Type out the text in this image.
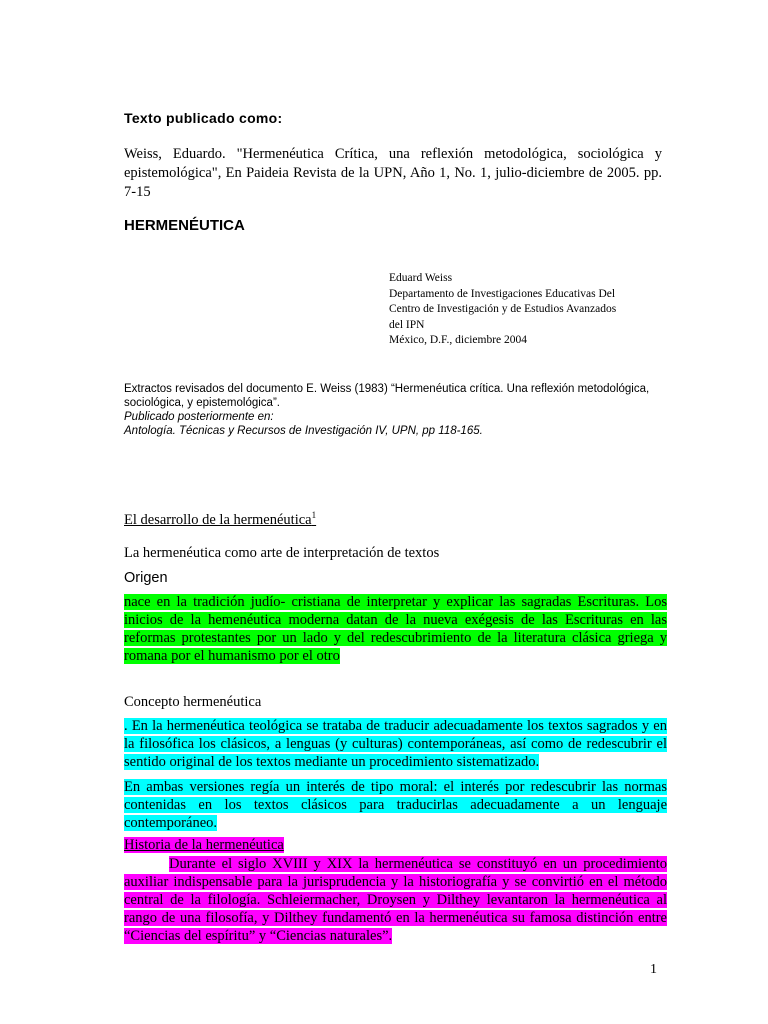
Texto publicado como:
Weiss, Eduardo. "Hermenéutica Crítica, una reflexión metodológica, sociológica y epistemológica", En Paideia Revista de la UPN, Año 1, No. 1, julio-diciembre de 2005. pp. 7-15
HERMENÉUTICA
Eduard Weiss
Departamento de Investigaciones Educativas Del
Centro de Investigación y de Estudios Avanzados
del IPN
México, D.F., diciembre 2004
Extractos revisados del documento E. Weiss (1983) “Hermenéutica crítica. Una reflexión metodológica, sociológica, y epistemológica”.
Publicado posteriormente en:
Antología. Técnicas y Recursos de Investigación IV, UPN, pp 118-165.
El desarrollo de la hermenéutica$^1$
La hermenéutica como arte de interpretación de textos
Origen
nace en la tradición judío- cristiana de interpretar y explicar las sagradas Escrituras. Los inicios de la hemenéutica moderna datan de la nueva exégesis de las Escrituras en las reformas protestantes por un lado y del redescubrimiento de la literatura clásica griega y romana por el humanismo por el otro
Concepto hermenéutica
. En la hermenéutica teológica se trataba de traducir adecuadamente los textos sagrados y en la filosófica los clásicos, a lenguas (y culturas) contemporáneas, así como de redescubrir el sentido original de los textos mediante un procedimiento sistematizado.
En ambas versiones regía un interés de tipo moral: el interés por redescubrir las normas contenidas en los textos clásicos para traducirlas adecuadamente a un lenguaje contemporáneo.
Historia de la hermenéutica
Durante el siglo XVIII y XIX la hermenéutica se constituyó en un procedimiento auxiliar indispensable para la jurisprudencia y la historiografía y se convirtió en el método central de la filología. Schleiermacher, Droysen y Dilthey levantaron la hermenéutica al rango de una filosofía, y Dilthey fundamentó en la hermenéutica su famosa distinción entre “Ciencias del espíritu” y “Ciencias naturales”.
1
